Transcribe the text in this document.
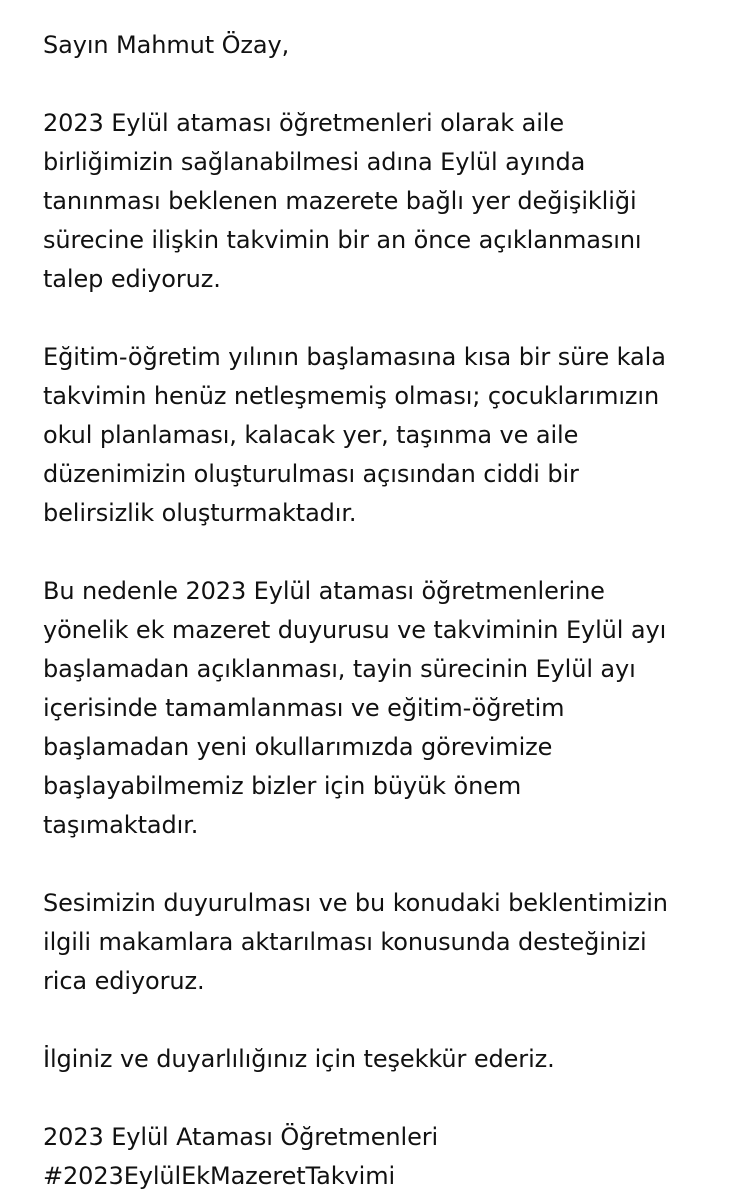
Sayın Mahmut Özay,

2023 Eylül ataması öğretmenleri olarak aile
birliğimizin sağlanabilmesi adına Eylül ayında
tanınması beklenen mazerete bağlı yer değişikliği
sürecine ilişkin takvimin bir an önce açıklanmasını
talep ediyoruz.

Eğitim-öğretim yılının başlamasına kısa bir süre kala
takvimin henüz netleşmemiş olması; çocuklarımızın
okul planlaması, kalacak yer, taşınma ve aile
düzenimizin oluşturulması açısından ciddi bir
belirsizlik oluşturmaktadır.

Bu nedenle 2023 Eylül ataması öğretmenlerine
yönelik ek mazeret duyurusu ve takviminin Eylül ayı
başlamadan açıklanması, tayin sürecinin Eylül ayı
içerisinde tamamlanması ve eğitim-öğretim
başlamadan yeni okullarımızda görevimize
başlayabilmemiz bizler için büyük önem
taşımaktadır.

Sesimizin duyurulması ve bu konudaki beklentimizin
ilgili makamlara aktarılması konusunda desteğinizi
rica ediyoruz.

İlginiz ve duyarlılığınız için teşekkür ederiz.

2023 Eylül Ataması Öğretmenleri
#2023EylülEkMazeretTakvimi
